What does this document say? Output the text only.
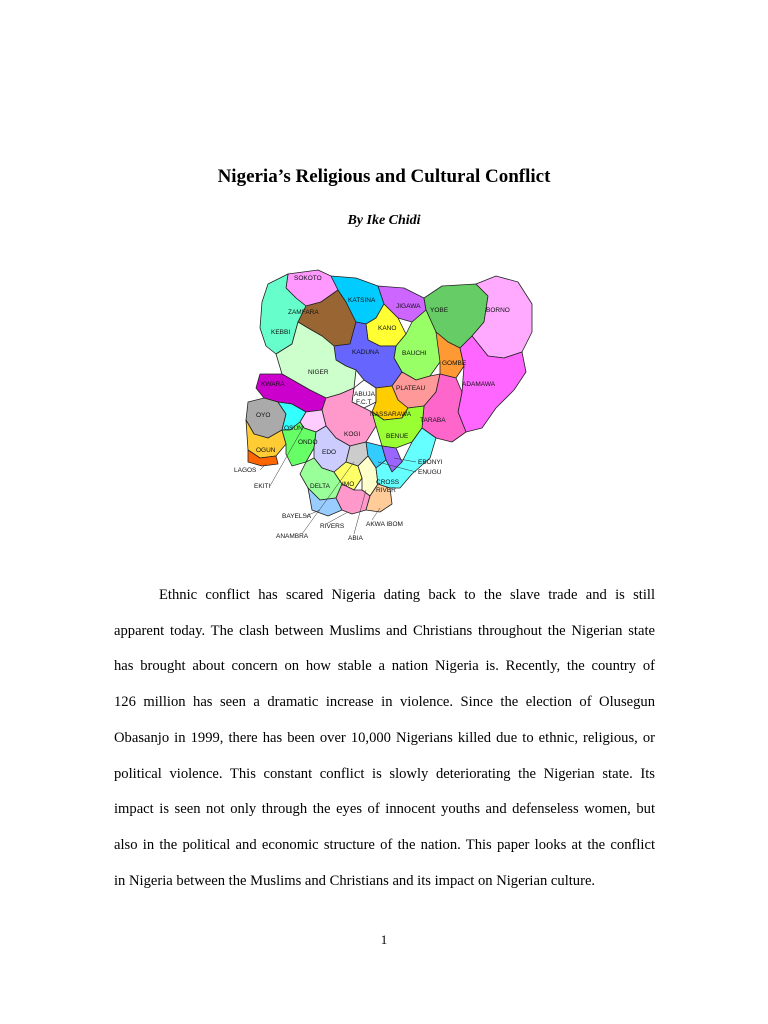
Nigeria’s Religious and Cultural Conflict
By Ike Chidi
SOKOTO
ZAMFARA
KATSINA
JIGAWA
YOBE	BORNO
KEBBI
KANO
BAUCHI
GOMBE
KADUNA
NIGER
KWARA
OYO
PLATEAU
ADAMAWA
TARABA
NASSARAWA
ABUJA
F.C.T
BENUE
KOGI
OGUN
OSUN
ONDO
EDO
DELTA IMO
LAGOS
EKITI
EBONYI
ENUGU
CROSS
RIVER
BAYELSA
RIVERS
ANAMBRA	ABIA
AKWA IBOM
Ethnic conflict has scared Nigeria dating back to the slave trade and is still
apparent today. The clash between Muslims and Christians throughout the Nigerian state
has brought about concern on how stable a nation Nigeria is. Recently, the country of
126 million has seen a dramatic increase in violence. Since the election of Olusegun
Obasanjo in 1999, there has been over 10,000 Nigerians killed due to ethnic, religious, or
political violence. This constant conflict is slowly deteriorating the Nigerian state. Its
impact is seen not only through the eyes of innocent youths and defenseless women, but
also in the political and economic structure of the nation. This paper looks at the conflict
in Nigeria between the Muslims and Christians and its impact on Nigerian culture.
1
